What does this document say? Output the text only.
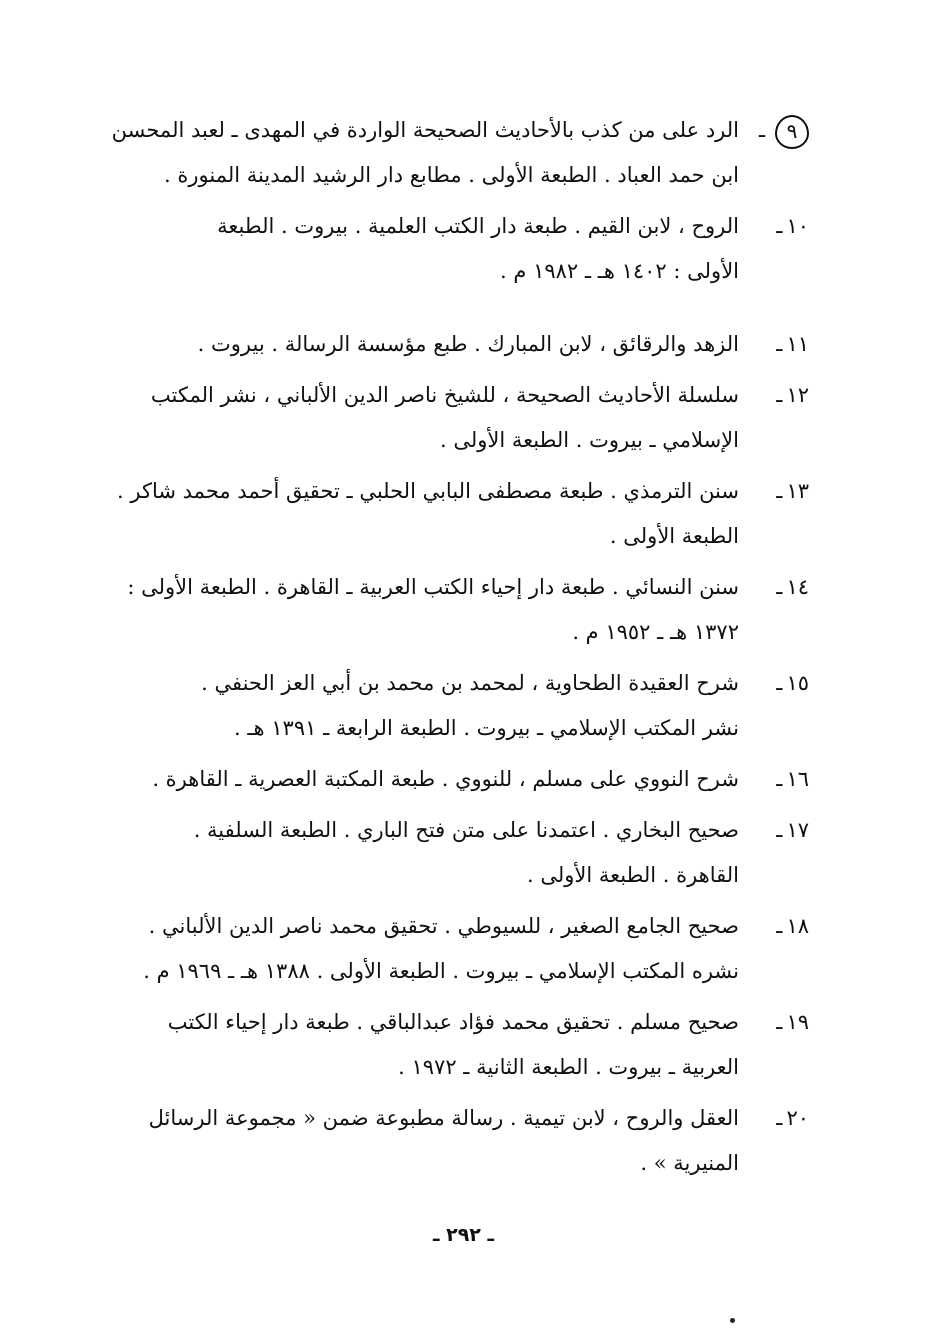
٩ـ
الرد على من كذب بالأحاديث الصحيحة الواردة في المهدى ـ لعبد المحسن
ابن حمد العباد . الطبعة الأولى . مطابع دار الرشيد المدينة المنورة .
١٠ـ
الروح ، لابن القيم . طبعة دار الكتب العلمية . بيروت . الطبعة
الأولى : ١٤٠٢ هـ ـ ١٩٨٢ م .
١١ـ
الزهد والرقائق ، لابن المبارك . طبع مؤسسة الرسالة . بيروت .
١٢ـ
سلسلة الأحاديث الصحيحة ، للشيخ ناصر الدين الألباني ، نشر المكتب
الإسلامي ـ بيروت . الطبعة الأولى .
١٣ـ
سنن الترمذي . طبعة مصطفى البابي الحلبي ـ تحقيق أحمد محمد شاكر .
الطبعة الأولى .
١٤ـ
سنن النسائي . طبعة دار إحياء الكتب العربية ـ القاهرة . الطبعة الأولى :
١٣٧٢ هـ ـ ١٩٥٢ م .
١٥ـ
شرح العقيدة الطحاوية ، لمحمد بن محمد بن أبي العز الحنفي .
نشر المكتب الإسلامي ـ بيروت . الطبعة الرابعة ـ ١٣٩١ هـ .
١٦ـ
شرح النووي على مسلم ، للنووي . طبعة المكتبة العصرية ـ القاهرة .
١٧ـ
صحيح البخاري . اعتمدنا على متن فتح الباري . الطبعة السلفية .
القاهرة . الطبعة الأولى .
١٨ـ
صحيح الجامع الصغير ، للسيوطي . تحقيق محمد ناصر الدين الألباني .
نشره المكتب الإسلامي ـ بيروت . الطبعة الأولى . ١٣٨٨ هـ ـ ١٩٦٩ م .
١٩ـ
صحيح مسلم . تحقيق محمد فؤاد عبدالباقي . طبعة دار إحياء الكتب
العربية ـ بيروت . الطبعة الثانية ـ ١٩٧٢ .
٢٠ـ
العقل والروح ، لابن تيمية . رسالة مطبوعة ضمن « مجموعة الرسائل
المنيرية » .
ـ ٢٩٢ ـ
